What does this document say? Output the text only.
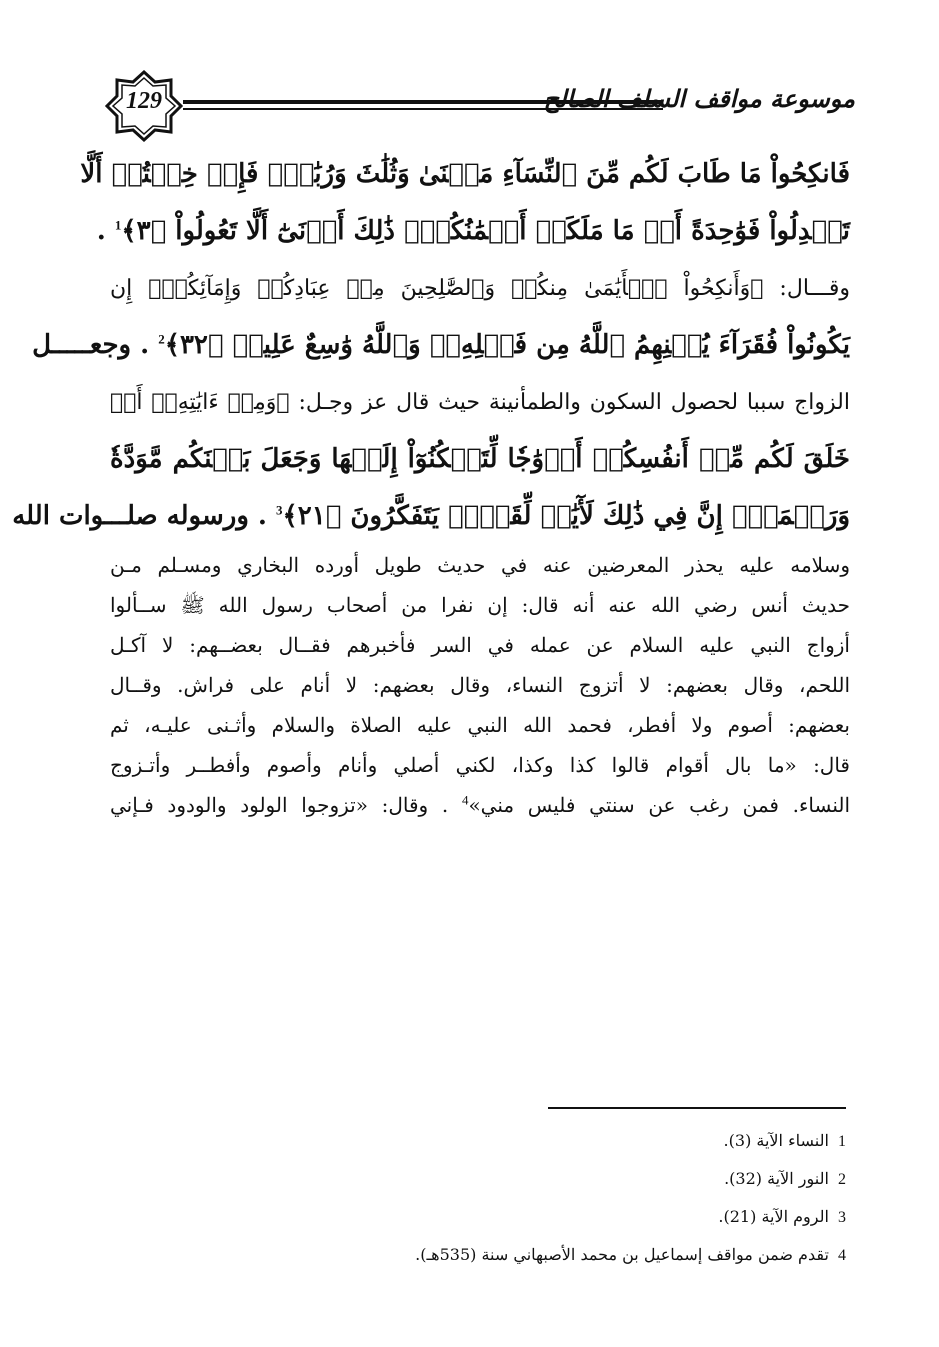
129	موسوعة مواقف السلف الصالح
فَانكِحُواْ مَا طَابَ لَكُم مِّنَ ٱلنِّسَآءِ مَثۡنَىٰ وَثُلَٰثَ وَرُبَٰعَۖ فَإِنۡ خِفۡتُمۡ أَلَّا
تَعۡدِلُواْ فَوَٰحِدَةً أَوۡ مَا مَلَكَتۡ أَيۡمَٰنُكُمۡۚ ذَٰلِكَ أَدۡنَىٰٓ أَلَّا تَعُولُواْ ﴿٣﴾$^1$ .
وقـــال: ﴿وَأَنكِحُواْ ٱلۡأَيَٰمَىٰ مِنكُمۡ وَٱلصَّٰلِحِينَ مِنۡ عِبَادِكُمۡ وَإِمَآئِكُمۡۚ إِن
يَكُونُواْ فُقَرَآءَ يُغۡنِهِمُ ٱللَّهُ مِن فَضۡلِهِۦۗ وَٱللَّهُ وَٰسِعٌ عَلِيمٞ ﴿٣٢﴾$^2$ . وجعـــــل
الزواج سببا لحصول السكون والطمأنينة حيث قال عز وجـل: ﴿وَمِنۡ ءَايَٰتِهِۦٓ أَنۡ
خَلَقَ لَكُم مِّنۡ أَنفُسِكُمۡ أَزۡوَٰجٗا لِّتَسۡكُنُوٓاْ إِلَيۡهَا وَجَعَلَ بَيۡنَكُم مَّوَدَّةٗ
وَرَحۡمَةًۚ إِنَّ فِي ذَٰلِكَ لَأٓيَٰتٖ لِّقَوۡمٖ يَتَفَكَّرُونَ ﴿٢١﴾$^3$ . ورسوله صلـــوات الله
وسلامه عليه يحذر المعرضين عنه في حديث طويل أورده البخاري ومسـلم مـن
حديث أنس رضي الله عنه أنه قال: إن نفرا من أصحاب رسول الله ﷺ ســألوا
أزواج النبي عليه السلام عن عمله في السر فأخبرهم فقــال بعضــهم: لا آكـل
اللحم، وقال بعضهم: لا أتزوج النساء، وقال بعضهم: لا أنام على فراش. وقــال
بعضهم: أصوم ولا أفطر، فحمد الله النبي عليه الصلاة والسلام وأثـنى عليـه، ثم
قال: «ما بال أقوام قالوا كذا وكذا، لكني أصلي وأنام وأصوم وأفطــر وأتـزوج
النساء. فمن رغب عن سنتي فليس مني»$^4$ . وقال: «تزوجوا الولود والودود فـإني
1 النساء الآية (3).
2 النور الآية (32).
3 الروم الآية (21).
4 تقدم ضمن مواقف إسماعيل بن محمد الأصبهاني سنة (535هـ).
